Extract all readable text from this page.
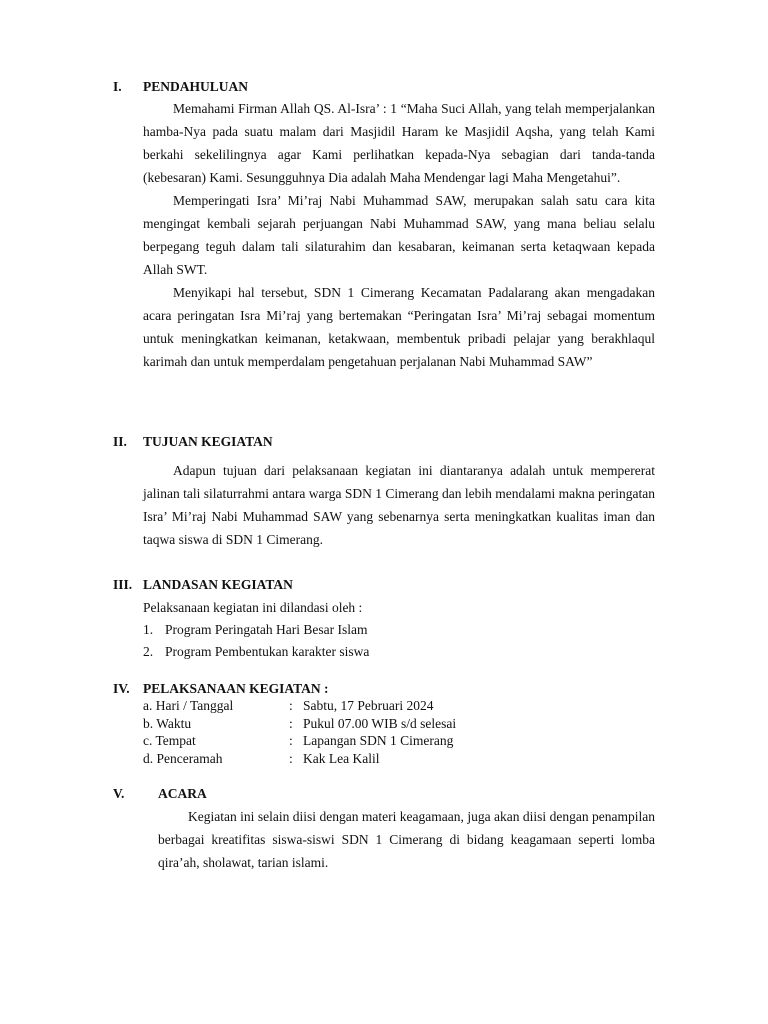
I. PENDAHULUAN

Memahami Firman Allah QS. Al-Isra’ : 1 “Maha Suci Allah, yang telah memperjalankan hamba-Nya pada suatu malam dari Masjidil Haram ke Masjidil Aqsha, yang telah Kami berkahi sekelilingnya agar Kami perlihatkan kepada-Nya sebagian dari tanda-tanda (kebesaran) Kami. Sesungguhnya Dia adalah Maha Mendengar lagi Maha Mengetahui”.

Memperingati Isra’ Mi’raj Nabi Muhammad SAW, merupakan salah satu cara kita mengingat kembali sejarah perjuangan Nabi Muhammad SAW, yang mana beliau selalu berpegang teguh dalam tali silaturahim dan kesabaran, keimanan serta ketaqwaan kepada Allah SWT.

Menyikapi hal tersebut, SDN 1 Cimerang Kecamatan Padalarang akan mengadakan acara peringatan Isra Mi’raj yang bertemakan “Peringatan Isra’ Mi’raj sebagai momentum untuk meningkatkan keimanan, ketakwaan, membentuk pribadi pelajar yang berakhlaqul karimah dan untuk memperdalam pengetahuan perjalanan Nabi Muhammad SAW”

II. TUJUAN KEGIATAN

Adapun tujuan dari pelaksanaan kegiatan ini diantaranya adalah untuk mempererat jalinan tali silaturrahmi antara warga SDN 1 Cimerang dan lebih mendalami makna peringatan Isra’ Mi’raj Nabi Muhammad SAW yang sebenarnya serta meningkatkan kualitas iman dan taqwa siswa di SDN 1 Cimerang.

III. LANDASAN KEGIATAN
Pelaksanaan kegiatan ini dilandasi oleh :
1. Program Peringatah Hari Besar Islam
2. Program Pembentukan karakter siswa
IV. PELAKSANAAN KEGIATAN :
a. Hari / Tanggal	:	Sabtu, 17 Pebruari 2024
b. Waktu	:	Pukul 07.00 WIB s/d selesai
c. Tempat	:	Lapangan SDN 1 Cimerang
d. Penceramah	:	Kak Lea Kalil
V. ACARA

Kegiatan ini selain diisi dengan materi keagamaan, juga akan diisi dengan penampilan berbagai kreatifitas siswa-siswi SDN 1 Cimerang di bidang keagamaan seperti lomba qira’ah, sholawat, tarian islami.
